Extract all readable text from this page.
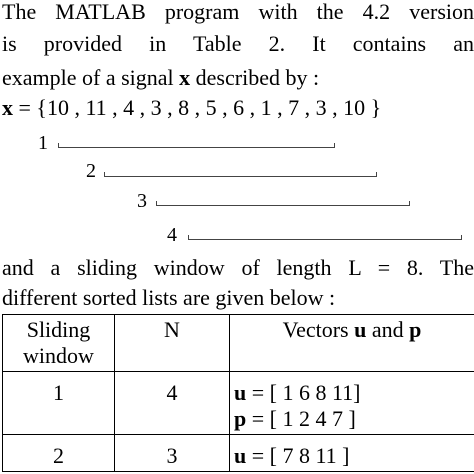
The MATLAB program with the 4.2 version
is provided in Table 2. It contains an
example of a signal x described by :
x = {10 , 11 , 4 , 3 , 8 , 5 , 6 , 1 , 7 , 3 , 10 }
1
2
3
4
and a sliding window of length L = 8. The
different sorted lists are given below :
Sliding
window	N	Vectors u and p
1	4	u = [ 1 6 8 11]
p = [ 1 2 4 7 ]

2	3	u = [ 7 8 11 ]
